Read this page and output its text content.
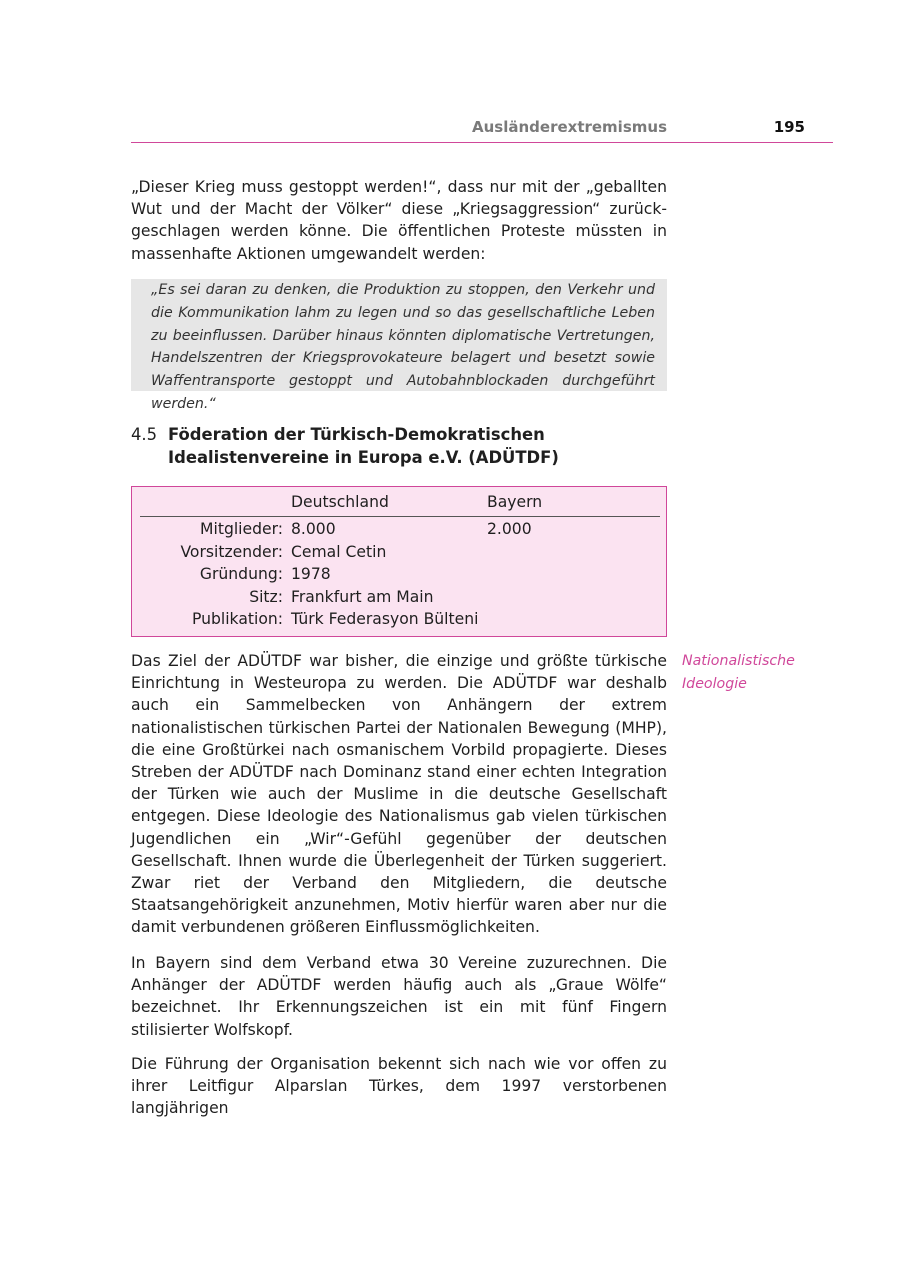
Ausländerextremismus	195

„Dieser Krieg muss gestoppt werden!“, dass nur mit der „geballten Wut und der Macht der Völker“ diese „Kriegsaggression“ zurückgeschlagen werden könne. Die öffentlichen Proteste müssten in massenhafte Aktionen umgewandelt werden:

„Es sei daran zu denken, die Produktion zu stoppen, den Verkehr und die Kommunikation lahm zu legen und so das gesellschaftliche Leben zu beeinflussen. Darüber hinaus könnten diplomatische Vertretungen, Handelszentren der Kriegsprovokateure belagert und besetzt sowie Waffentransporte gestoppt und Autobahnblockaden durchgeführt werden.“

4.5 Föderation der Türkisch-Demokratischen Idealistenvereine in Europa e.V. (ADÜTDF)
Deutschland	Bayern
Mitglieder: 8.000	2.000
Vorsitzender: Cemal Cetin
Gründung: 1978
Sitz: Frankfurt am Main
Publikation: Türk Federasyon Bülteni

Das Ziel der ADÜTDF war bisher, die einzige und größte türkische Einrichtung in Westeuropa zu werden. Die ADÜTDF war deshalb auch ein Sammelbecken von Anhängern der extrem nationalistischen türkischen Partei der Nationalen Bewegung (MHP), die eine Großtürkei nach osmanischem Vorbild propagierte. Dieses Streben der ADÜTDF nach Dominanz stand einer echten Integration der Türken wie auch der Muslime in die deutsche Gesellschaft entgegen. Diese Ideologie des Nationalismus gab vielen türkischen Jugendlichen ein „Wir“-Gefühl gegenüber der deutschen Gesellschaft. Ihnen wurde die Überlegenheit der Türken suggeriert. Zwar riet der Verband den Mitgliedern, die deutsche Staatsangehörigkeit anzunehmen, Motiv hierfür waren aber nur die damit verbundenen größeren Einflussmöglichkeiten.

Nationalistische Ideologie

In Bayern sind dem Verband etwa 30 Vereine zuzurechnen. Die Anhänger der ADÜTDF werden häufig auch als „Graue Wölfe“ bezeichnet. Ihr Erkennungszeichen ist ein mit fünf Fingern stilisierter Wolfskopf.

Die Führung der Organisation bekennt sich nach wie vor offen zu ihrer Leitfigur Alparslan Türkes, dem 1997 verstorbenen langjährigen
